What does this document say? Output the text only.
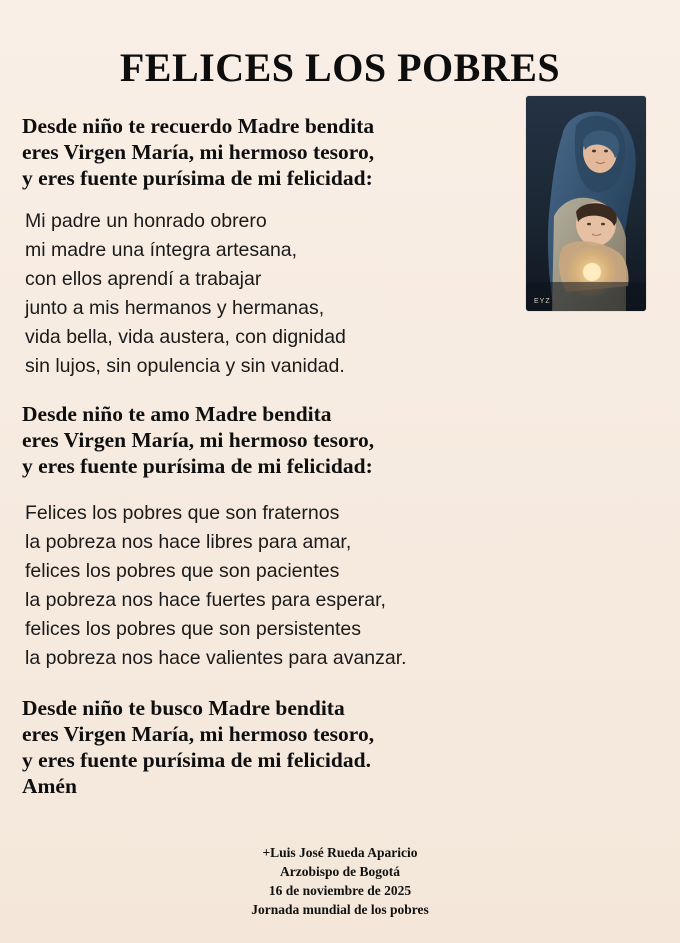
FELICES LOS POBRES
EYZ
Desde niño te recuerdo Madre bendita
eres Virgen María, mi hermoso tesoro,
y eres fuente purísima de mi felicidad:
Mi padre un honrado obrero
mi madre una íntegra artesana,
con ellos aprendí a trabajar
junto a mis hermanos y hermanas,
vida bella, vida austera, con dignidad
sin lujos, sin opulencia y sin vanidad.
Desde niño te amo Madre bendita
eres Virgen María, mi hermoso tesoro,
y eres fuente purísima de mi felicidad:
Felices los pobres que son fraternos
la pobreza nos hace libres para amar,
felices los pobres que son pacientes
la pobreza nos hace fuertes para esperar,
felices los pobres que son persistentes
la pobreza nos hace valientes para avanzar.
Desde niño te busco Madre bendita
eres Virgen María, mi hermoso tesoro,
y eres fuente purísima de mi felicidad.
Amén
+Luis José Rueda Aparicio
Arzobispo de Bogotá
16 de noviembre de 2025
Jornada mundial de los pobres
